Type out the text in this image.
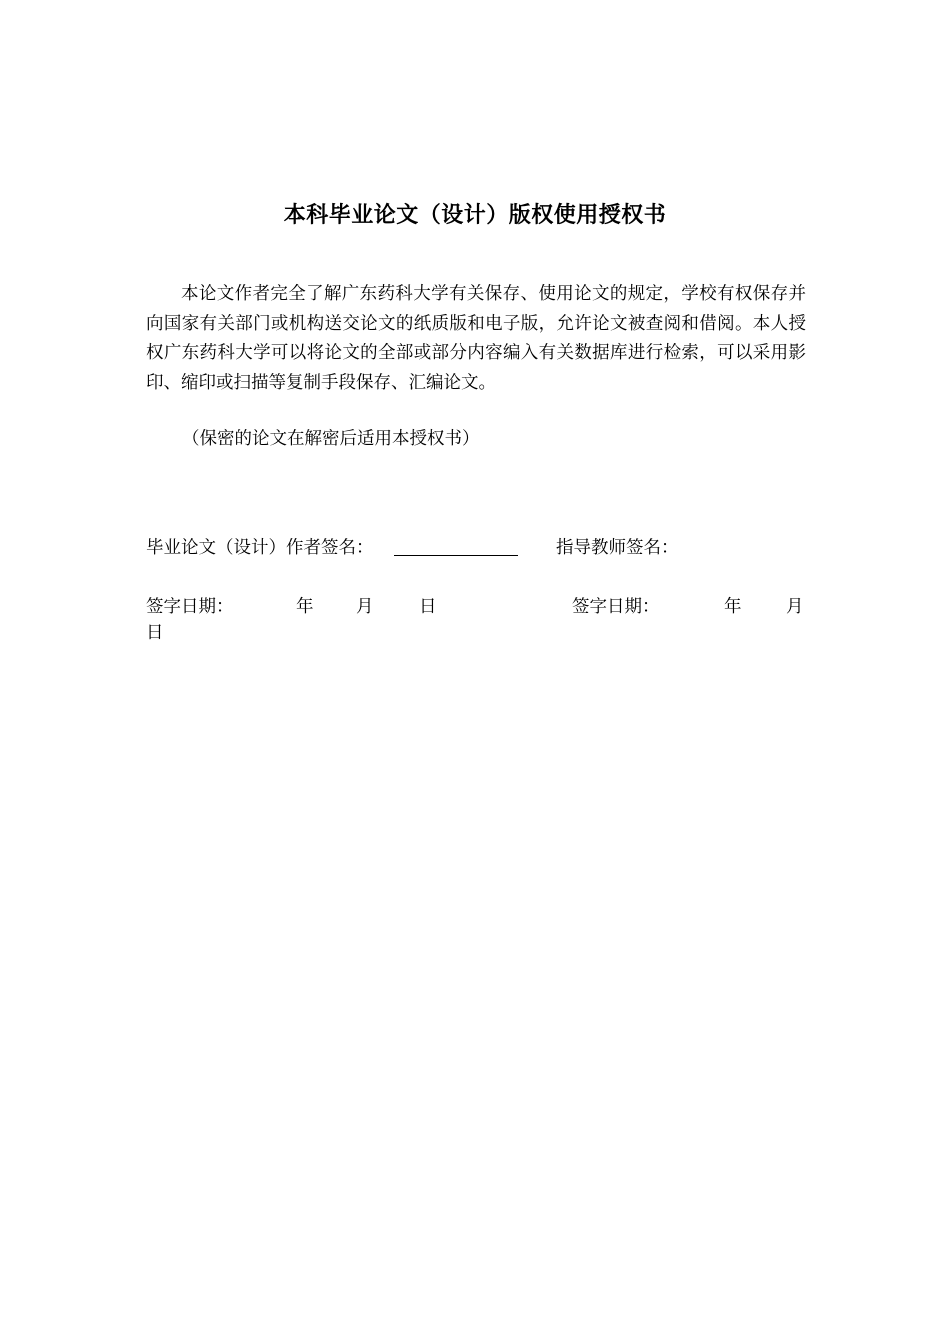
本科毕业论文（设计）版权使用授权书

本论文作者完全了解广东药科大学有关保存、使用论文的规定，学校有权保存并向国家有关部门或机构送交论文的纸质版和电子版，允许论文被查阅和借阅。本人授权广东药科大学可以将论文的全部或部分内容编入有关数据库进行检索，可以采用影印、缩印或扫描等复制手段保存、汇编论文。

（保密的论文在解密后适用本授权书）

毕业论文（设计）作者签名：	指导教师签名：
签字日期：	年 月	日	签字日期：	年	月
日
